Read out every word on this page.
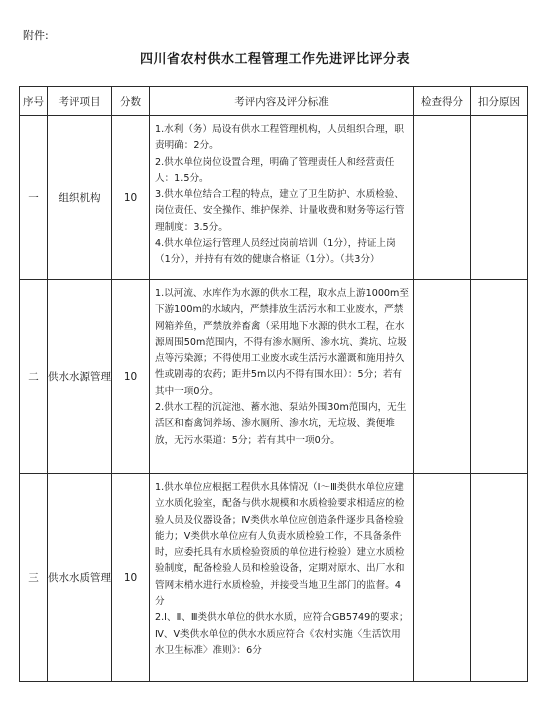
附件:
四川省农村供水工程管理工作先进评比评分表
序号	考评项目	分数	考评内容及评分标准	检查得分	扣分原因
一	组织机构	10	1.水利（务）局设有供水工程管理机构，人员组织合理，职责明确：2分。

2.供水单位岗位设置合理，明确了管理责任人和经营责任人：1.5分。

3.供水单位结合工程的特点，建立了卫生防护、水质检验、岗位责任、安全操作、维护保养、计量收费和财务等运行管理制度：3.5分。

4.供水单位运行管理人员经过岗前培训（1分），持证上岗（1分），并持有有效的健康合格证（1分）。（共3分）		

二	供水水源管理	10	1.以河流、水库作为水源的供水工程，取水点上游1000m至下游100m的水域内，严禁排放生活污水和工业废水，严禁网箱养鱼，严禁放养畜禽（采用地下水源的供水工程，在水源周围50m范围内，不得有渗水厕所、渗水坑、粪坑、垃圾点等污染源；不得使用工业废水或生活污水灌溉和施用持久性或剧毒的农药；距井5m以内不得有围水田）：5分；若有其中一项0分。

2.供水工程的沉淀池、蓄水池、泵站外围30m范围内，无生活区和畜禽饲养场、渗水厕所、渗水坑，无垃圾、粪便堆放，无污水渠道：5分；若有其中一项0分。		

三	供水水质管理	10	1.供水单位应根据工程供水具体情况（Ⅰ～Ⅲ类供水单位应建立水质化验室，配备与供水规模和水质检验要求相适应的检验人员及仪器设备；Ⅳ类供水单位应创造条件逐步具备检验能力；Ⅴ类供水单位应有人负责水质检验工作，不具备条件时，应委托具有水质检验资质的单位进行检验）建立水质检验制度，配备检验人员和检验设备，定期对原水、出厂水和管网末梢水进行水质检验，并接受当地卫生部门的监督。4分

2.Ⅰ、Ⅱ、Ⅲ类供水单位的供水水质，应符合GB5749的要求；Ⅳ、Ⅴ类供水单位的供水水质应符合《农村实施〈生活饮用水卫生标准〉准则》：6分		
